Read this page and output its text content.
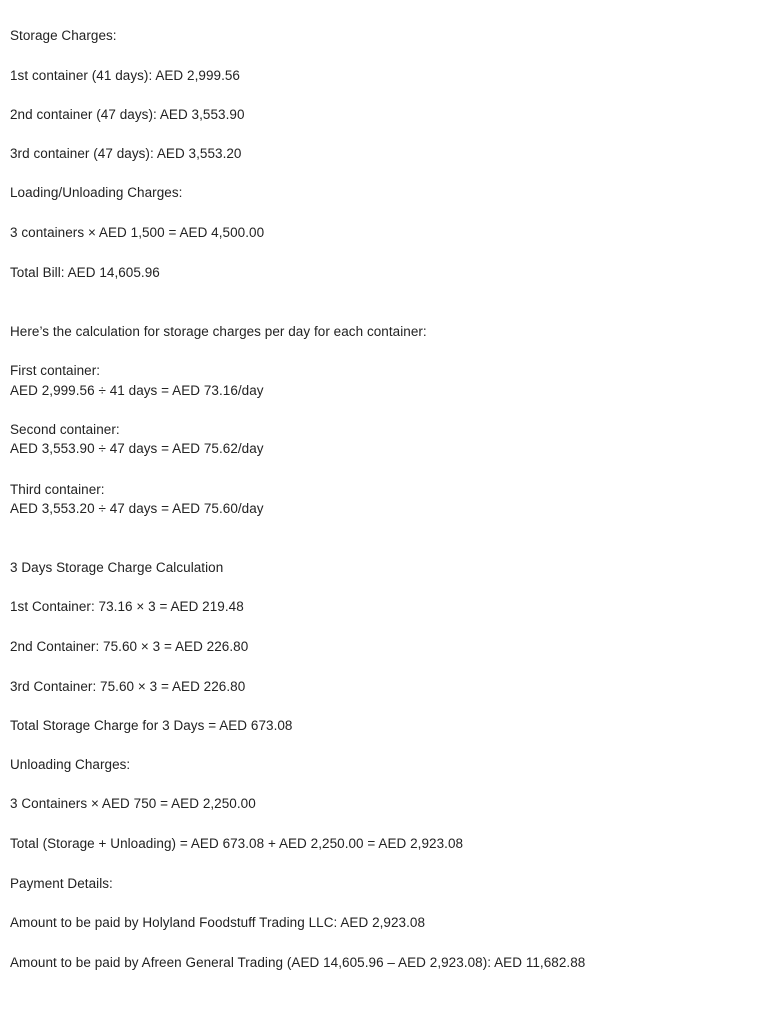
Storage Charges:
1st container (41 days): AED 2,999.56
2nd container (47 days): AED 3,553.90
3rd container (47 days): AED 3,553.20
Loading/Unloading Charges:
3 containers × AED 1,500 = AED 4,500.00
Total Bill: AED 14,605.96
Here’s the calculation for storage charges per day for each container:
First container:
AED 2,999.56 ÷ 41 days = AED 73.16/day
Second container:
AED 3,553.90 ÷ 47 days = AED 75.62/day
Third container:
AED 3,553.20 ÷ 47 days = AED 75.60/day
3 Days Storage Charge Calculation
1st Container: 73.16 × 3 = AED 219.48
2nd Container: 75.60 × 3 = AED 226.80
3rd Container: 75.60 × 3 = AED 226.80
Total Storage Charge for 3 Days = AED 673.08
Unloading Charges:
3 Containers × AED 750 = AED 2,250.00
Total (Storage + Unloading) = AED 673.08 + AED 2,250.00 = AED 2,923.08
Payment Details:
Amount to be paid by Holyland Foodstuff Trading LLC: AED 2,923.08
Amount to be paid by Afreen General Trading (AED 14,605.96 – AED 2,923.08): AED 11,682.88
